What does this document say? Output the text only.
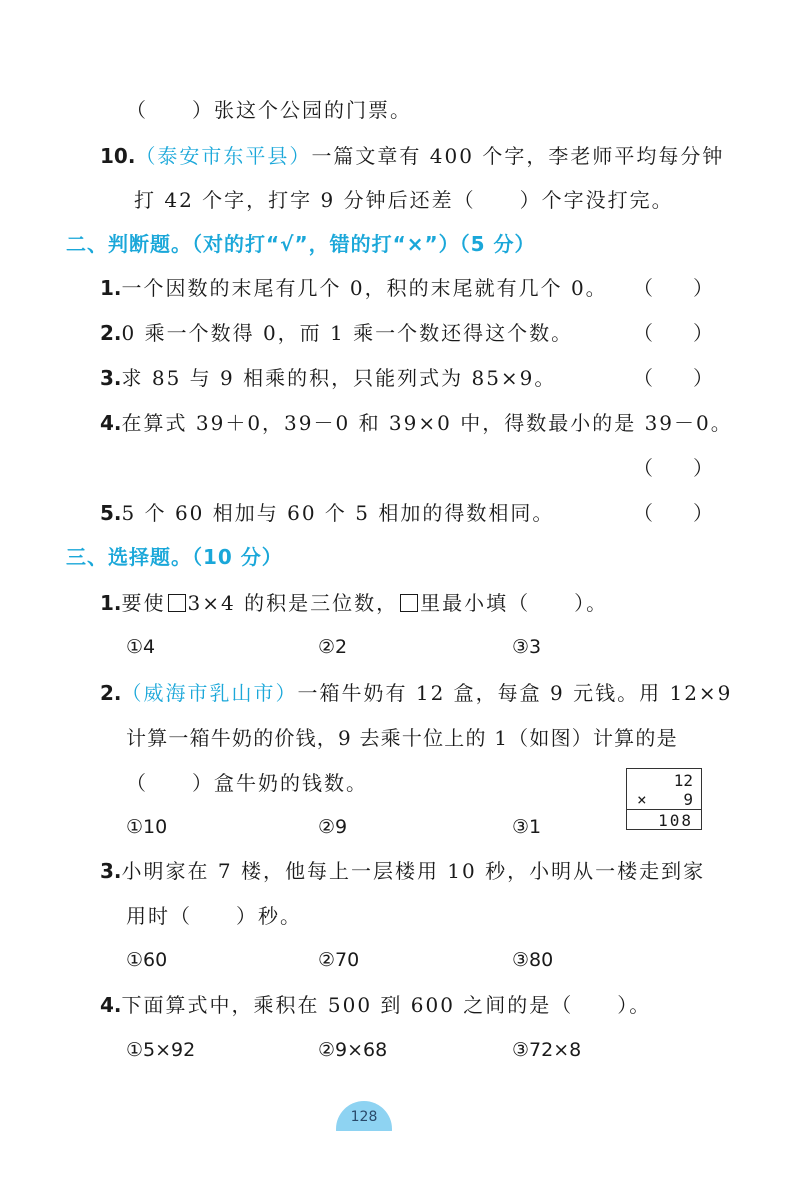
（　　）张这个公园的门票。
10.（泰安市东平县）一篇文章有 400 个字，李老师平均每分钟
打 42 个字，打字 9 分钟后还差（　　）个字没打完。
二、判断题。（对的打“√”，错的打“×”）（5 分）
1.一个因数的末尾有几个 0，积的末尾就有几个 0。 （　　）
2.0 乘一个数得 0，而 1 乘一个数还得这个数。	（　　）
3.求 85 与 9 相乘的积，只能列式为 85×9。	（　　）
4.在算式 39＋0，39－0 和 39×0 中，得数最小的是 39－0。
（　　）
5.5 个 60 相加与 60 个 5 相加的得数相同。	（　　）
三、选择题。（10 分）
1.要使 3×4 的积是三位数， 里最小填（　　）。
①4	②2	③3
2.（威海市乳山市）一箱牛奶有 12 盒，每盒 9 元钱。用 12×9
计算一箱牛奶的价钱，9 去乘十位上的 1（如图）计算的是
（　　）盒牛奶的钱数。	12
× 9
108
①10	②9	③1
3.小明家在 7 楼，他每上一层楼用 10 秒，小明从一楼走到家
用时（　　）秒。
①60	②70	③80
4.下面算式中，乘积在 500 到 600 之间的是（　　）。
①5×92	②9×68	③72×8
128
